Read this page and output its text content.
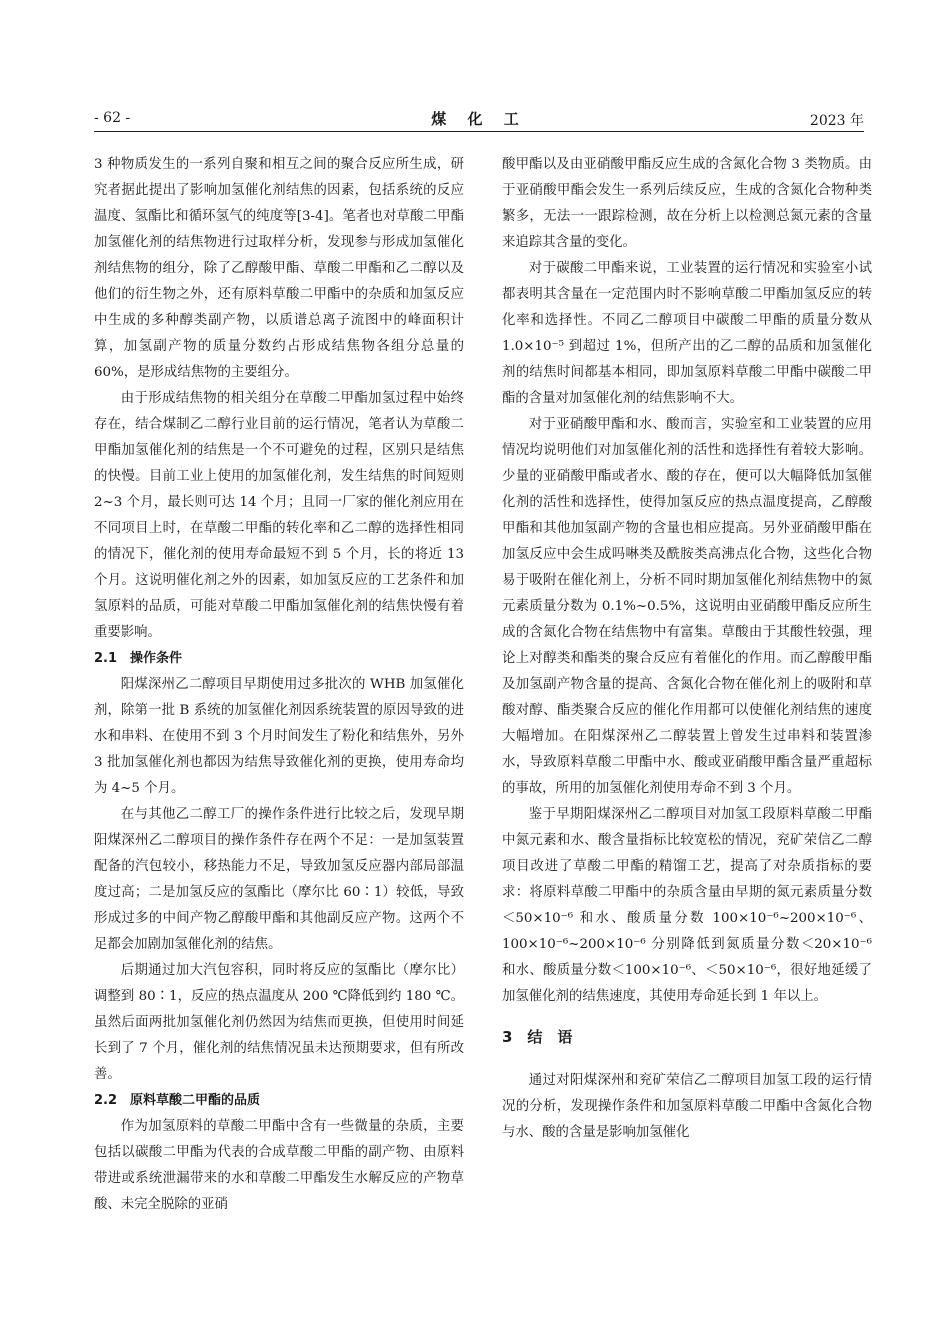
- 62 -	煤 化 工	2023 年

3 种物质发生的一系列自聚和相互之间的聚合反应所生成，研究者据此提出了影响加氢催化剂结焦的因素，包括系统的反应温度、氢酯比和循环氢气的纯度等[3-4]。笔者也对草酸二甲酯加氢催化剂的结焦物进行过取样分析，发现参与形成加氢催化剂结焦物的组分，除了乙醇酸甲酯、草酸二甲酯和乙二醇以及他们的衍生物之外，还有原料草酸二甲酯中的杂质和加氢反应中生成的多种醇类副产物，以质谱总离子流图中的峰面积计算，加氢副产物的质量分数约占形成结焦物各组分总量的 60%，是形成结焦物的主要组分。

由于形成结焦物的相关组分在草酸二甲酯加氢过程中始终存在，结合煤制乙二醇行业目前的运行情况，笔者认为草酸二甲酯加氢催化剂的结焦是一个不可避免的过程，区别只是结焦的快慢。目前工业上使用的加氢催化剂，发生结焦的时间短则 2~3 个月，最长则可达 14 个月；且同一厂家的催化剂应用在不同项目上时，在草酸二甲酯的转化率和乙二醇的选择性相同的情况下，催化剂的使用寿命最短不到 5 个月，长的将近 13 个月。这说明催化剂之外的因素，如加氢反应的工艺条件和加氢原料的品质，可能对草酸二甲酯加氢催化剂的结焦快慢有着重要影响。

2.1　操作条件

阳煤深州乙二醇项目早期使用过多批次的 WHB 加氢催化剂，除第一批 B 系统的加氢催化剂因系统装置的原因导致的进水和串料、在使用不到 3 个月时间发生了粉化和结焦外，另外 3 批加氢催化剂也都因为结焦导致催化剂的更换，使用寿命均为 4~5 个月。

在与其他乙二醇工厂的操作条件进行比较之后，发现早期阳煤深州乙二醇项目的操作条件存在两个不足：一是加氢装置配备的汽包较小，移热能力不足，导致加氢反应器内部局部温度过高；二是加氢反应的氢酯比（摩尔比 60∶1）较低，导致形成过多的中间产物乙醇酸甲酯和其他副反应产物。这两个不足都会加剧加氢催化剂的结焦。

后期通过加大汽包容积，同时将反应的氢酯比（摩尔比）调整到 80∶1，反应的热点温度从 200 ℃降低到约 180 ℃。虽然后面两批加氢催化剂仍然因为结焦而更换，但使用时间延长到了 7 个月，催化剂的结焦情况虽未达预期要求，但有所改善。

2.2　原料草酸二甲酯的品质

作为加氢原料的草酸二甲酯中含有一些微量的杂质，主要包括以碳酸二甲酯为代表的合成草酸二甲酯的副产物、由原料带进或系统泄漏带来的水和草酸二甲酯发生水解反应的产物草酸、未完全脱除的亚硝

酸甲酯以及由亚硝酸甲酯反应生成的含氮化合物 3 类物质。由于亚硝酸甲酯会发生一系列后续反应，生成的含氮化合物种类繁多，无法一一跟踪检测，故在分析上以检测总氮元素的含量来追踪其含量的变化。

对于碳酸二甲酯来说，工业装置的运行情况和实验室小试都表明其含量在一定范围内时不影响草酸二甲酯加氢反应的转化率和选择性。不同乙二醇项目中碳酸二甲酯的质量分数从 1.0×10⁻⁵ 到超过 1%，但所产出的乙二醇的品质和加氢催化剂的结焦时间都基本相同，即加氢原料草酸二甲酯中碳酸二甲酯的含量对加氢催化剂的结焦影响不大。

对于亚硝酸甲酯和水、酸而言，实验室和工业装置的应用情况均说明他们对加氢催化剂的活性和选择性有着较大影响。少量的亚硝酸甲酯或者水、酸的存在，便可以大幅降低加氢催化剂的活性和选择性，使得加氢反应的热点温度提高，乙醇酸甲酯和其他加氢副产物的含量也相应提高。另外亚硝酸甲酯在加氢反应中会生成吗啉类及酰胺类高沸点化合物，这些化合物易于吸附在催化剂上，分析不同时期加氢催化剂结焦物中的氮元素质量分数为 0.1%~0.5%，这说明由亚硝酸甲酯反应所生成的含氮化合物在结焦物中有富集。草酸由于其酸性较强，理论上对醇类和酯类的聚合反应有着催化的作用。而乙醇酸甲酯及加氢副产物含量的提高、含氮化合物在催化剂上的吸附和草酸对醇、酯类聚合反应的催化作用都可以使催化剂结焦的速度大幅增加。在阳煤深州乙二醇装置上曾发生过串料和装置渗水，导致原料草酸二甲酯中水、酸或亚硝酸甲酯含量严重超标的事故，所用的加氢催化剂使用寿命不到 3 个月。

鉴于早期阳煤深州乙二醇项目对加氢工段原料草酸二甲酯中氮元素和水、酸含量指标比较宽松的情况，兖矿荣信乙二醇项目改进了草酸二甲酯的精馏工艺，提高了对杂质指标的要求：将原料草酸二甲酯中的杂质含量由早期的氮元素质量分数＜50×10⁻⁶ 和水、酸质量分数 100×10⁻⁶~200×10⁻⁶、100×10⁻⁶~200×10⁻⁶ 分别降低到氮质量分数＜20×10⁻⁶ 和水、酸质量分数＜100×10⁻⁶、＜50×10⁻⁶，很好地延缓了加氢催化剂的结焦速度，其使用寿命延长到 1 年以上。

3　结　语

通过对阳煤深州和兖矿荣信乙二醇项目加氢工段的运行情况的分析，发现操作条件和加氢原料草酸二甲酯中含氮化合物与水、酸的含量是影响加氢催化
